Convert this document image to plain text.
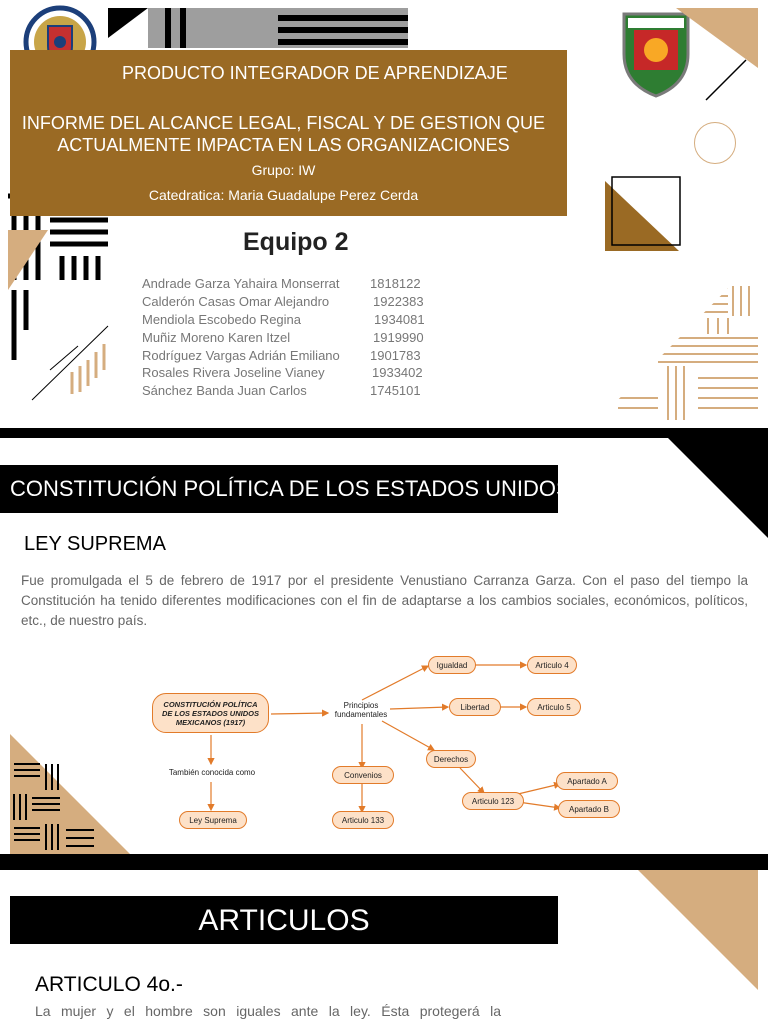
PRODUCTO INTEGRADOR DE APRENDIZAJE
INFORME DEL ALCANCE LEGAL, FISCAL Y DE GESTION QUE
ACTUALMENTE IMPACTA EN LAS ORGANIZACIONES
Grupo: IW
Catedratica: Maria Guadalupe Perez Cerda
Equipo 2
Andrade Garza Yahaira Monserrat 1818122
Calderón Casas Omar Alejandro	1922383
Mendiola Escobedo Regina	1934081
Muñiz Moreno Karen Itzel	1919990
Rodríguez Vargas Adrián Emiliano 1901783
Rosales Rivera Joseline Vianey	1933402
Sánchez Banda Juan Carlos	1745101
CONSTITUCIÓN POLÍTICA DE LOS ESTADOS UNIDOS MEXICANOS
LEY SUPREMA
Fue promulgada el 5 de febrero de 1917 por el presidente Venustiano Carranza Garza. Con el paso del tiempo la Constitución ha tenido diferentes modificaciones con el fin de adaptarse a los cambios sociales, económicos, políticos, etc., de nuestro país.
CONSTITUCIÓN POLÍTICA DE LOS ESTADOS UNIDOS MEXICANOS (1917)
También conocida como
Ley Suprema
Principios fundamentales
Igualdad	Articulo 4
Libertad	Articulo 5
Derechos
Articulo 123
Apartado A
Apartado B
Convenios
Articulo 133
ARTICULOS
ARTICULO 4o.-
La mujer y el hombre son iguales ante la ley. Ésta protegerá la
